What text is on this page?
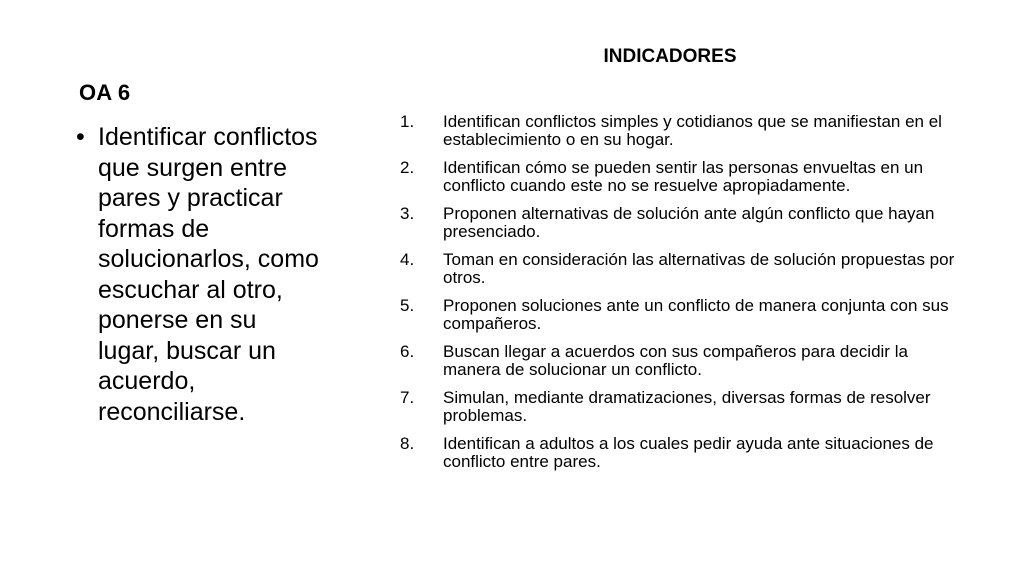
OA 6
• Identificar conflictos que surgen entre pares y practicar formas de solucionarlos, como escuchar al otro, ponerse en su lugar, buscar un acuerdo, reconciliarse.
INDICADORES
1. Identifican conflictos simples y cotidianos que se manifiestan en el establecimiento o en su hogar.
2. Identifican cómo se pueden sentir las personas envueltas en un conflicto cuando este no se resuelve apropiadamente.
3. Proponen alternativas de solución ante algún conflicto que hayan presenciado.
4. Toman en consideración las alternativas de solución propuestas por otros.
5. Proponen soluciones ante un conflicto de manera conjunta con sus compañeros.
6. Buscan llegar a acuerdos con sus compañeros para decidir la manera de solucionar un conflicto.
7. Simulan, mediante dramatizaciones, diversas formas de resolver problemas.
8. Identifican a adultos a los cuales pedir ayuda ante situaciones de conflicto entre pares.
